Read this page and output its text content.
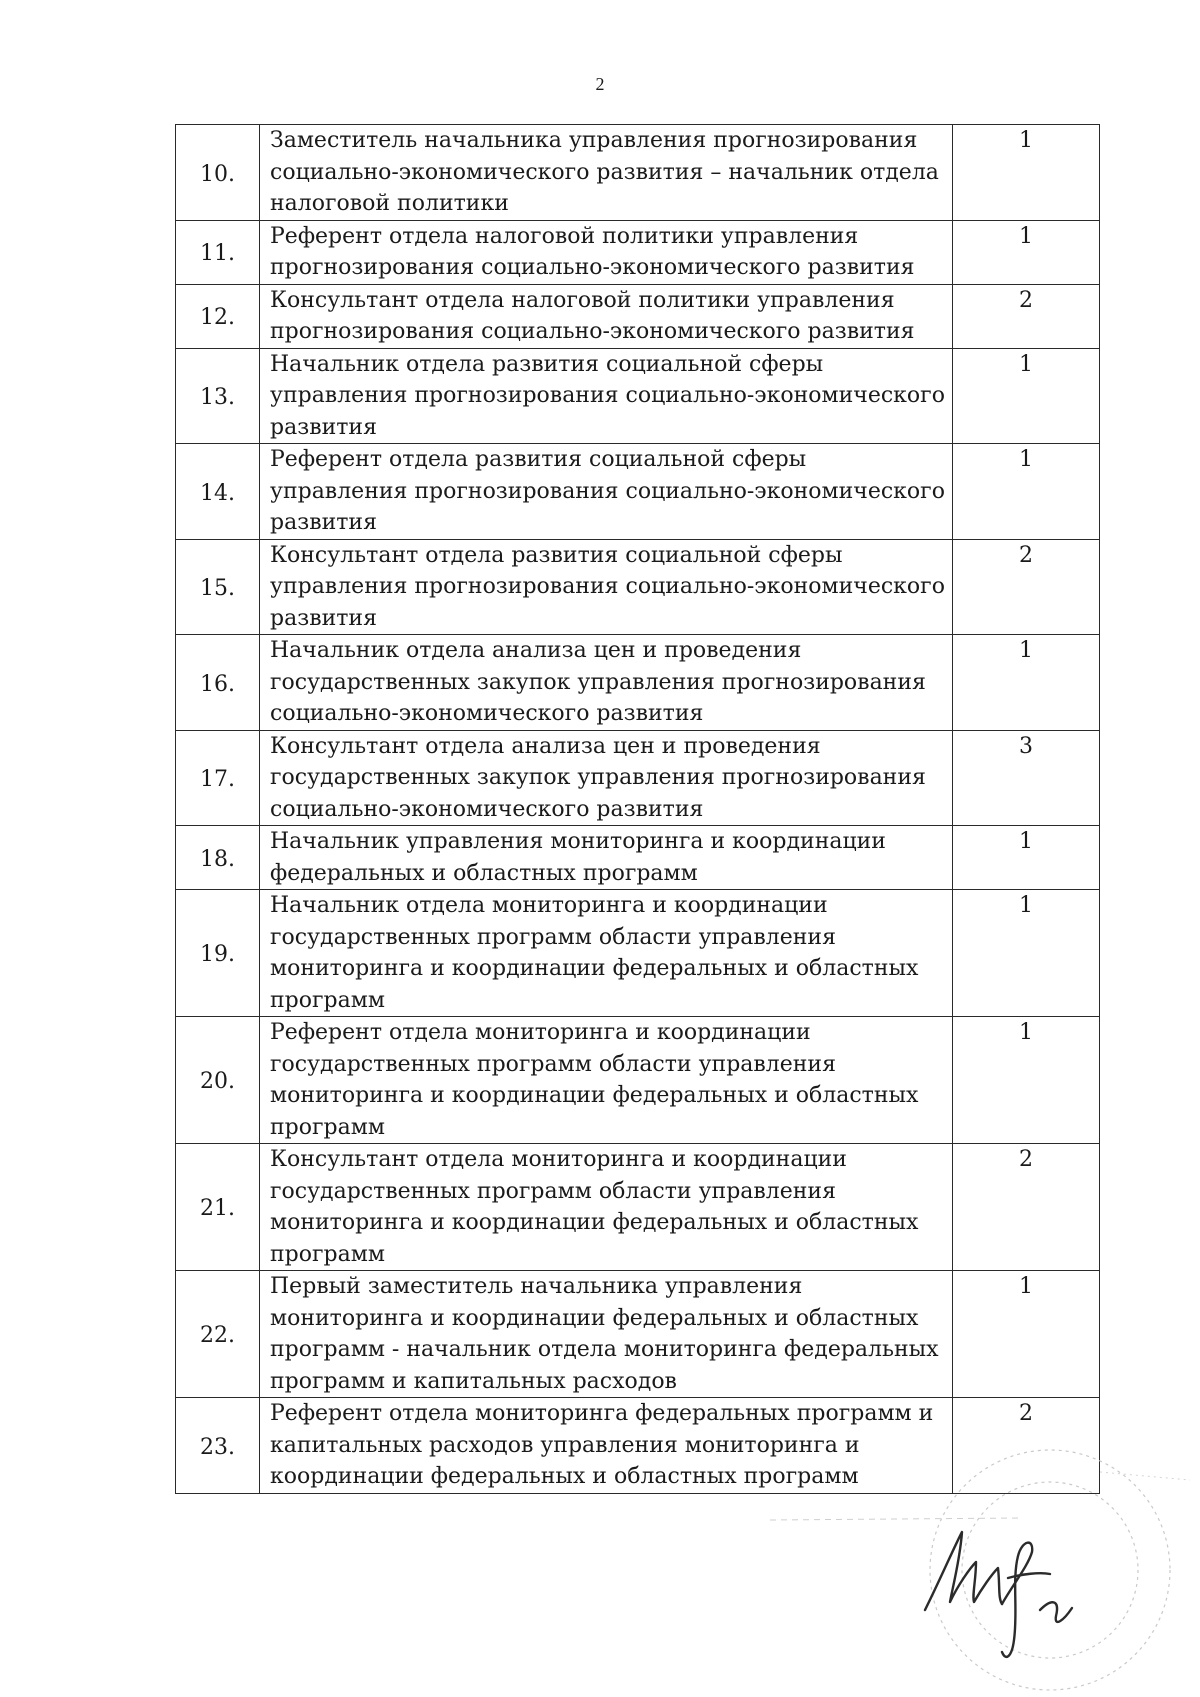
2
10.	Заместитель начальника управления прогнозирования социально-экономического развития – начальник отдела налоговой политики	1
11.	Референт отдела налоговой политики управления прогнозирования социально-экономического развития	1
12.	Консультант отдела налоговой политики управления прогнозирования социально-экономического развития	2
13.	Начальник отдела развития социальной сферы управления прогнозирования социально-экономического развития	1
14.	Референт отдела развития социальной сферы управления прогнозирования социально-экономического развития	1
15.	Консультант отдела развития социальной сферы управления прогнозирования социально-экономического развития	2
16.	Начальник отдела анализа цен и проведения государственных закупок управления прогнозирования социально-экономического развития	1
17.	Консультант отдела анализа цен и проведения государственных закупок управления прогнозирования социально-экономического развития	3
18.	Начальник управления мониторинга и координации федеральных и областных программ	1
19.	Начальник отдела мониторинга и координации государственных программ области управления мониторинга и координации федеральных и областных программ	1
20.	Референт отдела мониторинга и координации государственных программ области управления мониторинга и координации федеральных и областных программ	1
21.	Консультант отдела мониторинга и координации государственных программ области управления мониторинга и координации федеральных и областных программ	2
22.	Первый заместитель начальника управления мониторинга и координации федеральных и областных программ - начальник отдела мониторинга федеральных программ и капитальных расходов	1
23.	Референт отдела мониторинга федеральных программ и капитальных расходов управления мониторинга и координации федеральных и областных программ	2
